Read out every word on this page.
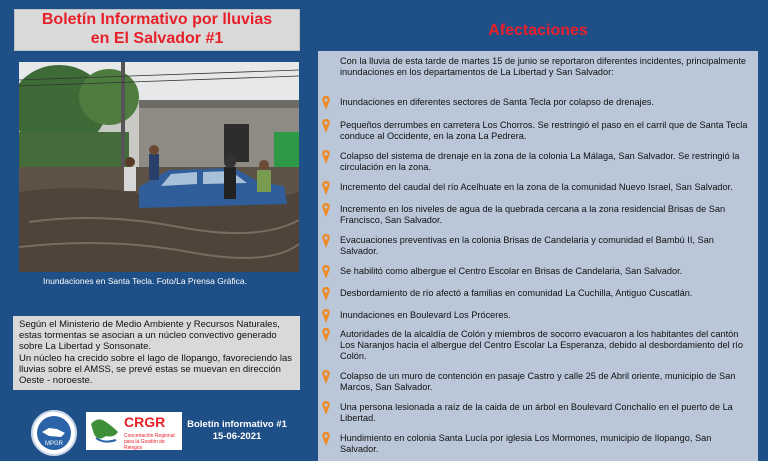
Boletín Informativo por lluvias
en El Salvador #1
Inundaciones en Santa Tecla. Foto/La Prensa Gráfica.

Según el Ministerio de Medio Ambiente y Recursos Naturales, estas tormentas se asocian a un núcleo convectivo generado sobre La Libertad y Sonsonate.

Un núcleo ha crecido sobre el lago de Ilopango, favoreciendo las lluvias sobre el AMSS, se prevé estas se muevan en dirección Oeste - noroeste.

MPGR
CRGR
Concertación Regional para la Gestión de Riesgos
Boletín informativo #1
15-06-2021
Afectaciones
Con la lluvia de esta tarde de martes 15 de junio se reportaron diferentes incidentes, principalmente inundaciones en los departamentos de La Libertad y San Salvador:
Inundaciones en diferentes sectores de Santa Tecla por colapso de drenajes.
Pequeños derrumbes en carretera Los Chorros. Se restringió el paso en el carril que de Santa Tecla conduce al Occidente, en la zona La Pedrera.
Colapso del sistema de drenaje en la zona de la colonia La Málaga, San Salvador. Se restringió la circulación en la zona.
Incremento del caudal del río Acelhuate en la zona de la comunidad Nuevo Israel, San Salvador.
Incremento en los niveles de agua de la quebrada cercana a la zona residencial Brisas de San Francisco, San Salvador.
Evacuaciones preventivas en la colonia Brisas de Candelaria y comunidad el Bambú II, San Salvador.
Se habilitó como albergue el Centro Escolar en Brisas de Candelaria, San Salvador.
Desbordamiento de río afectó a familias en comunidad La Cuchilla, Antiguo Cuscatlán.
Inundaciones en Boulevard Los Próceres.
Autoridades de la alcaldía de Colón y miembros de socorro evacuaron a los habitantes del cantón Los Naranjos hacia el albergue del Centro Escolar La Esperanza, debido al desbordamiento del río Colón.
Colapso de un muro de contención en pasaje Castro y calle 25 de Abril oriente, municipio de San Marcos, San Salvador.
Una persona lesionada a raíz de la caida de un árbol en Boulevard Conchalío en el puerto de La Libertad.
Hundimiento en colonia Santa Lucía por iglesia Los Mormones, municipio de Ilopango, San Salvador.
